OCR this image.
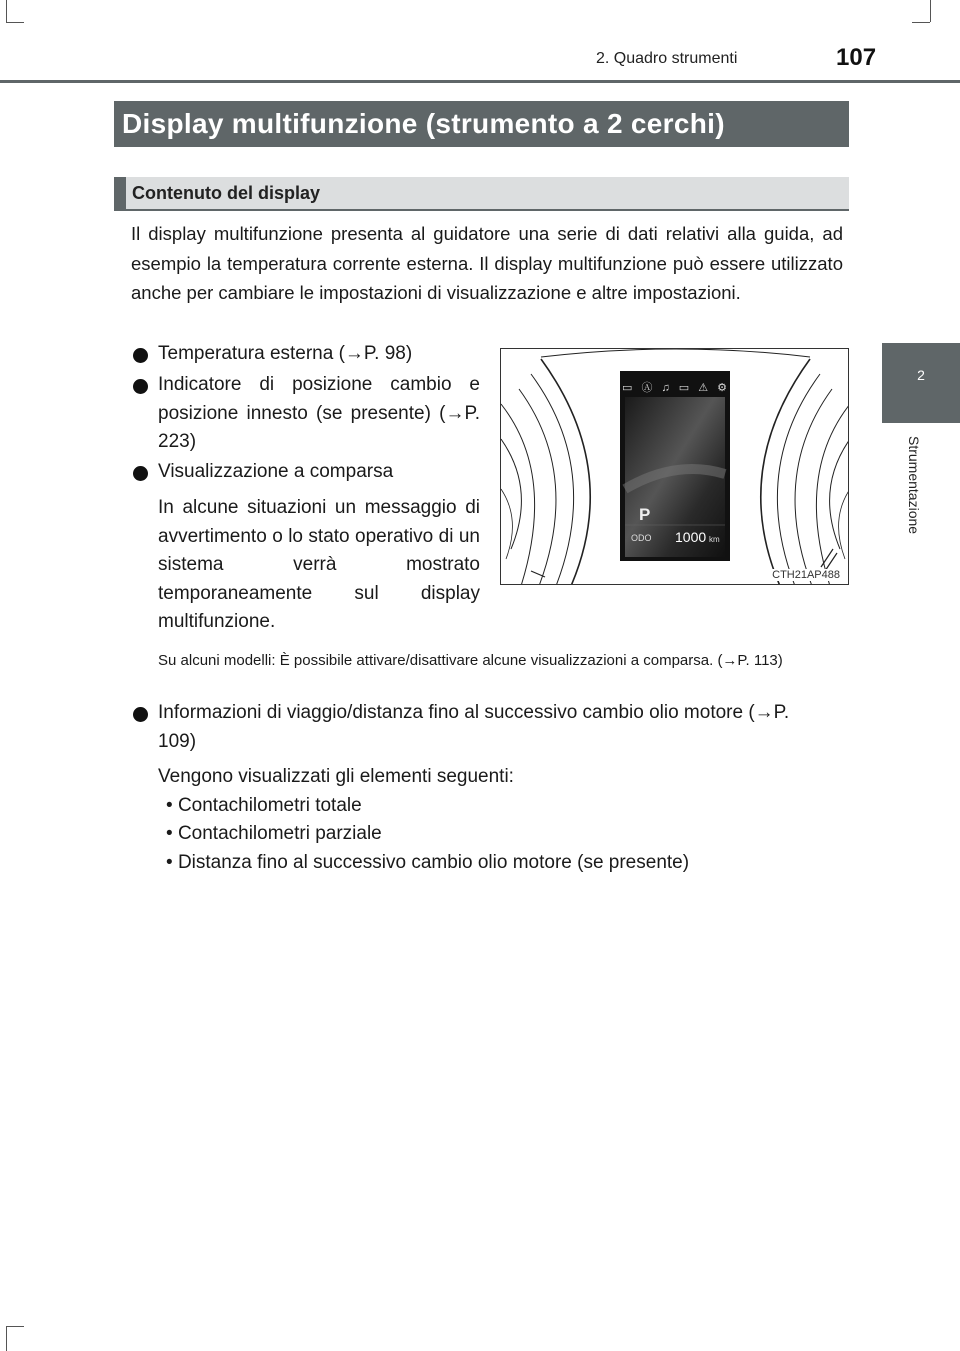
2. Quadro strumenti	107
Display multifunzione (strumento a 2 cerchi)
Contenuto del display
2
Strumentazione

Il display multifunzione presenta al guidatore una serie di dati relativi alla guida, ad esempio la temperatura corrente esterna. Il display multifunzione può essere utilizzato anche per cambiare le impostazioni di visualizzazione e altre impostazioni.

Temperatura esterna (→P. 98)

Indicatore di posizione cambio e posizione innesto (se presente) (→P. 223)

Visualizzazione a comparsa

In alcune situazioni un messaggio di avvertimento o lo stato operativo di un sistema verrà mostrato temporaneamente sul display multifunzione.

▭ Ⓐ ♫ ▭ ⚠ ⚙
P
ODO 1000 km
CTH21AP488

Su alcuni modelli: È possibile attivare/disattivare alcune visualizzazioni a comparsa. (→P. 113)

Informazioni di viaggio/distanza fino al successivo cambio olio motore (→P. 109)

Vengono visualizzati gli elementi seguenti:

• Contachilometri totale
• Contachilometri parziale
• Distanza fino al successivo cambio olio motore (se presente)
